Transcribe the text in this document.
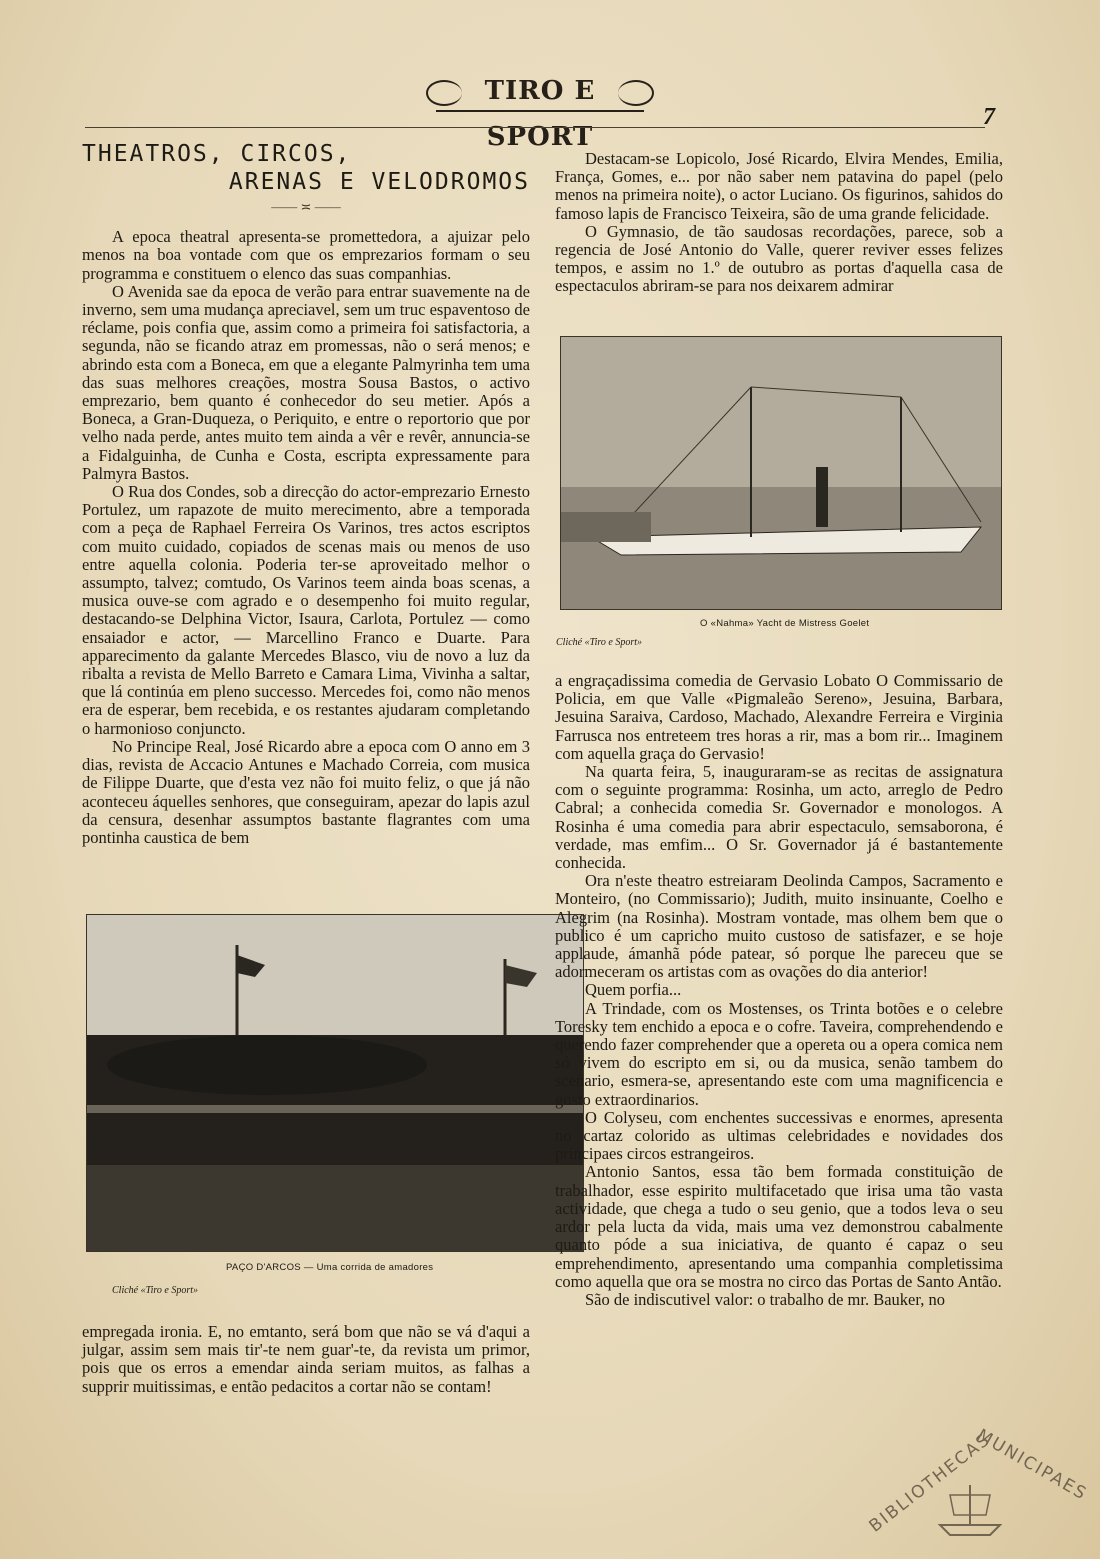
TIRO E SPORT
7
THEATROS, CIRCOS,
ARENAS E VELODROMOS
—— ≍ ——

A epoca theatral apresenta-se promettedora, a ajuizar pelo menos na boa vontade com que os emprezarios formam o seu programma e constituem o elenco das suas companhias.

O Avenida sae da epoca de verão para entrar suavemente na de inverno, sem uma mudança apreciavel, sem um truc espaventoso de réclame, pois confia que, assim como a primeira foi satisfactoria, a segunda, não se ficando atraz em promessas, não o será menos; e abrindo esta com a Boneca, em que a elegante Palmyrinha tem uma das suas melhores creações, mostra Sousa Bastos, o activo emprezario, bem quanto é conhecedor do seu metier. Após a Boneca, a Gran-Duqueza, o Periquito, e entre o reportorio que por velho nada perde, antes muito tem ainda a vêr e revêr, annuncia-se a Fidalguinha, de Cunha e Costa, escripta expressamente para Palmyra Bastos.

O Rua dos Condes, sob a direcção do actor-emprezario Ernesto Portulez, um rapazote de muito merecimento, abre a temporada com a peça de Raphael Ferreira Os Varinos, tres actos escriptos com muito cuidado, copiados de scenas mais ou menos de uso entre aquella colonia. Poderia ter-se aproveitado melhor o assumpto, talvez; comtudo, Os Varinos teem ainda boas scenas, a musica ouve-se com agrado e o desempenho foi muito regular, destacando-se Delphina Victor, Isaura, Carlota, Portulez — como ensaiador e actor, — Marcellino Franco e Duarte. Para apparecimento da galante Mercedes Blasco, viu de novo a luz da ribalta a revista de Mello Barreto e Camara Lima, Vivinha a saltar, que lá continúa em pleno successo. Mercedes foi, como não menos era de esperar, bem recebida, e os restantes ajudaram completando o harmonioso conjuncto.

No Principe Real, José Ricardo abre a epoca com O anno em 3 dias, revista de Accacio Antunes e Machado Correia, com musica de Filippe Duarte, que d'esta vez não foi muito feliz, o que já não aconteceu áquelles senhores, que conseguiram, apezar do lapis azul da censura, desenhar assumptos bastante flagrantes com uma pontinha caustica de bem

PAÇO D'ARCOS — Uma corrida de amadores
Cliché «Tiro e Sport»

empregada ironia. E, no emtanto, será bom que não se vá d'aqui a julgar, assim sem mais tir'-te nem guar'-te, da revista um primor, pois que os erros a emendar ainda seriam muitos, as falhas a supprir muitissimas, e então pedacitos a cortar não se contam!

Destacam-se Lopicolo, José Ricardo, Elvira Mendes, Emilia, França, Gomes, e... por não saber nem patavina do papel (pelo menos na primeira noite), o actor Luciano. Os figurinos, sahidos do famoso lapis de Francisco Teixeira, são de uma grande felicidade.

O Gymnasio, de tão saudosas recordações, parece, sob a regencia de José Antonio do Valle, querer reviver esses felizes tempos, e assim no 1.º de outubro as portas d'aquella casa de espectaculos abriram-se para nos deixarem admirar

O «Nahma» Yacht de Mistress Goelet
Cliché «Tiro e Sport»

a engraçadissima comedia de Gervasio Lobato O Commissario de Policia, em que Valle «Pigmaleão Sereno», Jesuina, Barbara, Jesuina Saraiva, Cardoso, Machado, Alexandre Ferreira e Virginia Farrusca nos entreteem tres horas a rir, mas a bom rir... Imaginem com aquella graça do Gervasio!

Na quarta feira, 5, inauguraram-se as recitas de assignatura com o seguinte programma: Rosinha, um acto, arreglo de Pedro Cabral; a conhecida comedia Sr. Governador e monologos. A Rosinha é uma comedia para abrir espectaculo, semsaborona, é verdade, mas emfim... O Sr. Governador já é bastantemente conhecida.

Ora n'este theatro estreiaram Deolinda Campos, Sacramento e Monteiro, (no Commissario); Judith, muito insinuante, Coelho e Alegrim (na Rosinha). Mostram vontade, mas olhem bem que o publico é um capricho muito custoso de satisfazer, e se hoje applaude, ámanhã póde patear, só porque lhe pareceu que se adormeceram os artistas com as ovações do dia anterior!

Quem porfia...

A Trindade, com os Mostenses, os Trinta botões e o celebre Toresky tem enchido a epoca e o cofre. Taveira, comprehendendo e querendo fazer comprehender que a opereta ou a opera comica nem só vivem do escripto em si, ou da musica, senão tambem do scenario, esmera-se, apresentando este com uma magnificencia e gosto extraordinarios.

O Colyseu, com enchentes successivas e enormes, apresenta no cartaz colorido as ultimas celebridades e novidades dos principaes circos estrangeiros.

Antonio Santos, essa tão bem formada constituição de trabalhador, esse espirito multifacetado que irisa uma tão vasta actividade, que chega a tudo o seu genio, que a todos leva o seu ardor pela lucta da vida, mais uma vez demonstrou cabalmente quanto póde a sua iniciativa, de quanto é capaz o seu emprehendimento, apresentando uma companhia completissima como aquella que ora se mostra no circo das Portas de Santo Antão.

São de indiscutivel valor: o trabalho de mr. Bauker, no

BIBLIOTHECAS
MUNICIPAES
